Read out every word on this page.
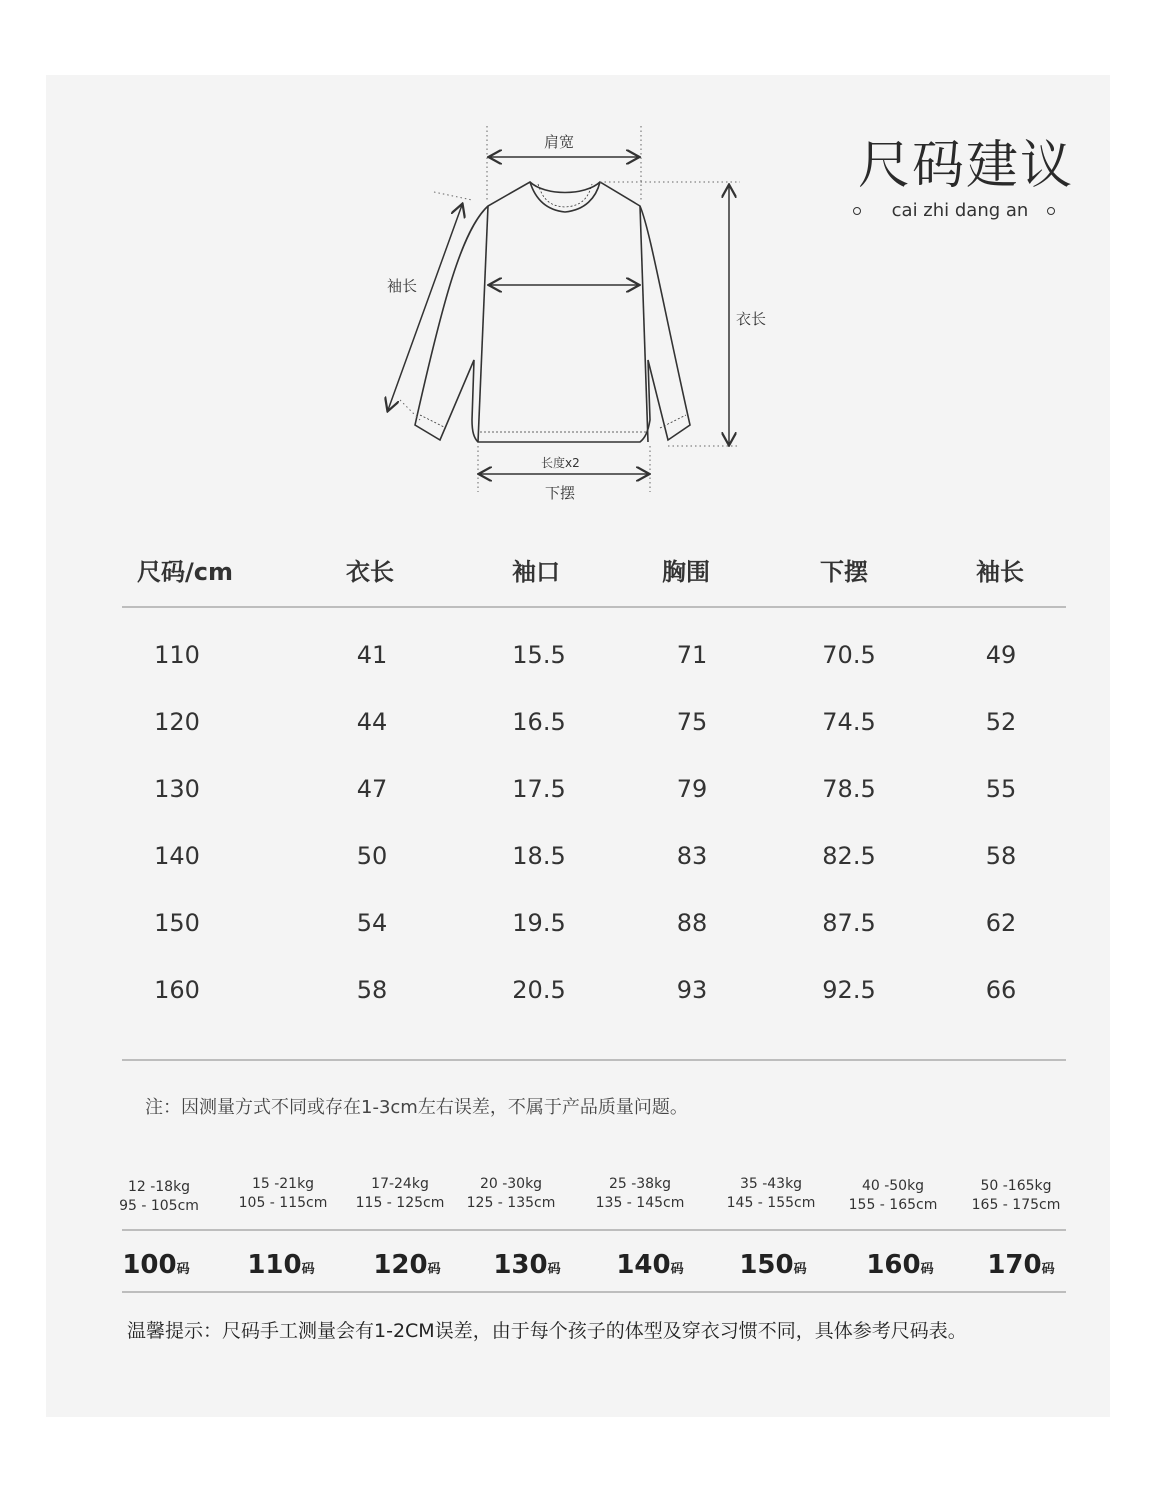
尺码建议
cai zhi dang an
肩宽
袖长
衣长
长度x2
下摆
尺码/cm	衣长	袖口	胸围	下摆	袖长
110	41	15.5	71	70.5	49
120	44	16.5	75	74.5	52
130	47	17.5	79	78.5	55
140	50	18.5	83	82.5	58
150	54	19.5	88	87.5	62
160	58	20.5	93	92.5	66
注：因测量方式不同或存在1-3cm左右误差，不属于产品质量问题。
12 -18kg
95 - 105cm
15 -21kg
105 - 115cm
17-24kg
115 - 125cm
20 -30kg
125 - 135cm
25 -38kg
135 - 145cm
35 -43kg
145 - 155cm
40 -50kg
155 - 165cm
50 -165kg
165 - 175cm
100码	110码	120码	130码	140码	150码	160码	170码
温馨提示：尺码手工测量会有1-2CM误差，由于每个孩子的体型及穿衣习惯不同，具体参考尺码表。
